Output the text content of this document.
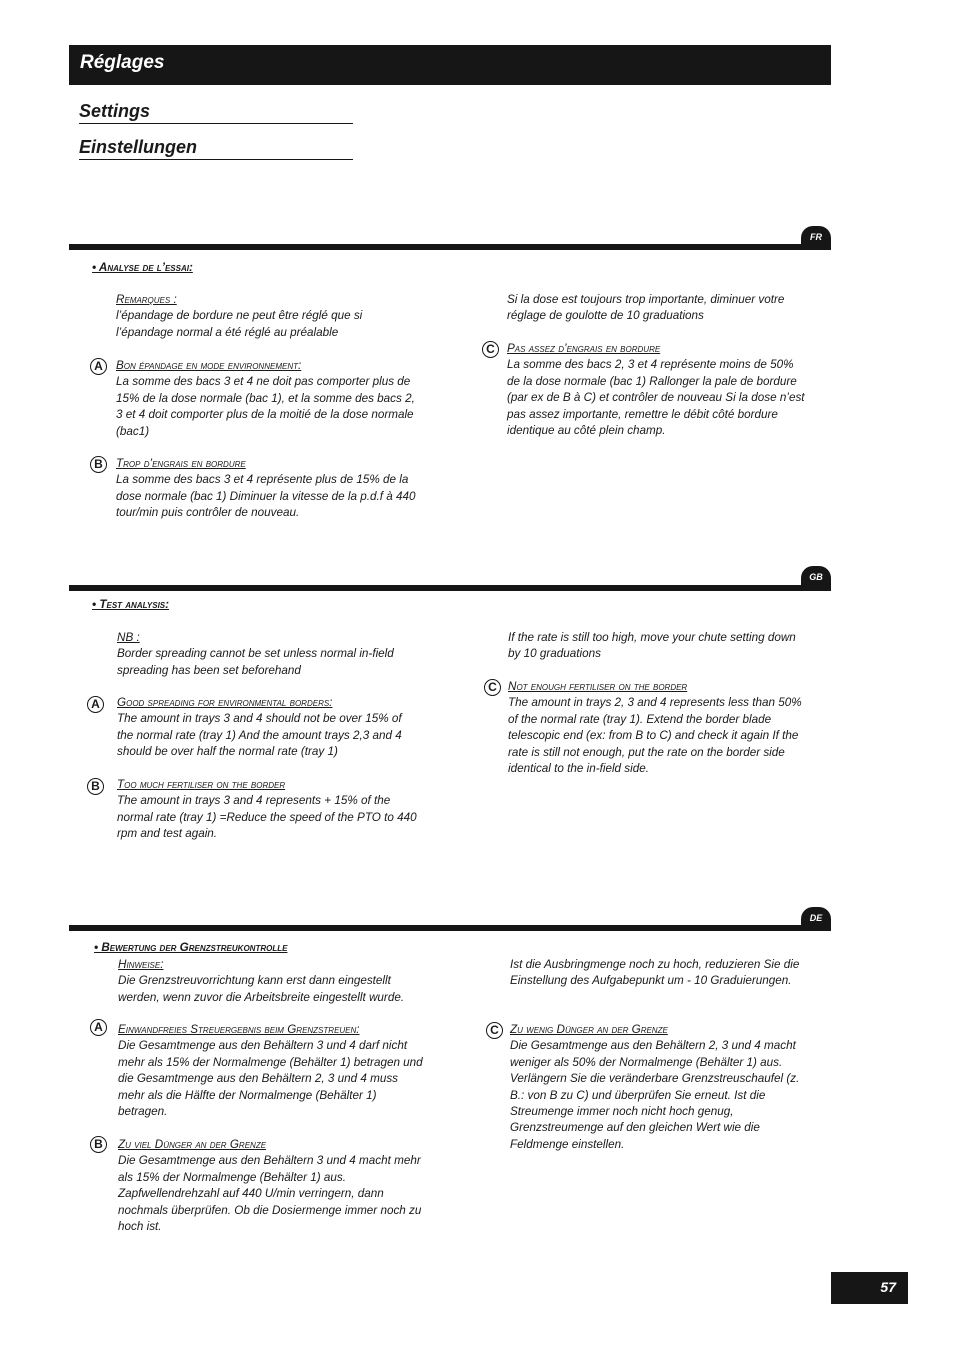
Réglages
Settings
Einstellungen
FR

• Analyse de l’essai:

Remarques :

l’épandage de bordure ne peut être réglé que si l’épandage normal a été réglé au préalable

A	Bon épandage en mode environnement:

La somme des bacs 3 et 4 ne doit pas comporter plus de 15% de la dose normale (bac 1), et la somme des bacs 2, 3 et 4 doit comporter plus de la moitié de la dose normale (bac1)

B	Trop d’engrais en bordure

La somme des bacs 3 et 4 représente plus de 15% de la dose normale (bac 1) Diminuer la vitesse de la p.d.f à 440 tour/min puis contrôler de nouveau.

Si la dose est toujours trop importante, diminuer votre réglage de goulotte de 10 graduations

C	Pas assez d’engrais en bordure

La somme des bacs 2, 3 et 4 représente moins de 50% de la dose normale (bac 1) Rallonger la pale de bordure (par ex de B à C) et contrôler de nouveau Si la dose n’est pas assez importante, remettre le débit côté bordure identique au côté plein champ.

GB

• Test analysis:

NB :

Border spreading cannot be set unless normal in-field spreading has been set beforehand

A	Good spreading for environmental borders:

The amount in trays 3 and 4 should not be over 15% of the normal rate (tray 1) And the amount trays 2,3 and 4 should be over half the normal rate (tray 1)

B	Too much fertiliser on the border

The amount in trays 3 and 4 represents + 15% of the normal rate (tray 1) =Reduce the speed of the PTO to 440 rpm and test again.

If the rate is still too high, move your chute setting down by 10 graduations

C Not enough fertiliser on the border

The amount in trays 2, 3 and 4 represents less than 50% of the normal rate (tray 1). Extend the border blade telescopic end (ex: from B to C) and check it again If the rate is still not enough, put the rate on the border side identical to the in-field side.

DE

• Bewertung der Grenzstreukontrolle

Hinweise:

Die Grenzstreuvorrichtung kann erst dann eingestellt werden, wenn zuvor die Arbeitsbreite eingestellt wurde.

A	Einwandfreies Streuergebnis beim Grenzstreuen:

Die Gesamtmenge aus den Behältern 3 und 4 darf nicht mehr als 15% der Normalmenge (Behälter 1) betragen und die Gesamtmenge aus den Behältern 2, 3 und 4 muss mehr als die Hälfte der Normalmenge (Behälter 1) betragen.

B	Zu viel Dünger an der Grenze

Die Gesamtmenge aus den Behältern 3 und 4 macht mehr als 15% der Normalmenge (Behälter 1) aus. Zapfwellendrehzahl auf 440 U/min verringern, dann nochmals überprüfen. Ob die Dosiermenge immer noch zu hoch ist.

Ist die Ausbringmenge noch zu hoch, reduzieren Sie die Einstellung des Aufgabepunkt um - 10 Graduierungen.

C Zu wenig Dünger an der Grenze

Die Gesamtmenge aus den Behältern 2, 3 und 4 macht weniger als 50% der Normalmenge (Behälter 1) aus. Verlängern Sie die veränderbare Grenzstreuschaufel (z. B.: von B zu C) und überprüfen Sie erneut. Ist die Streumenge immer noch nicht hoch genug, Grenzstreumenge auf den gleichen Wert wie die Feldmenge einstellen.

57
